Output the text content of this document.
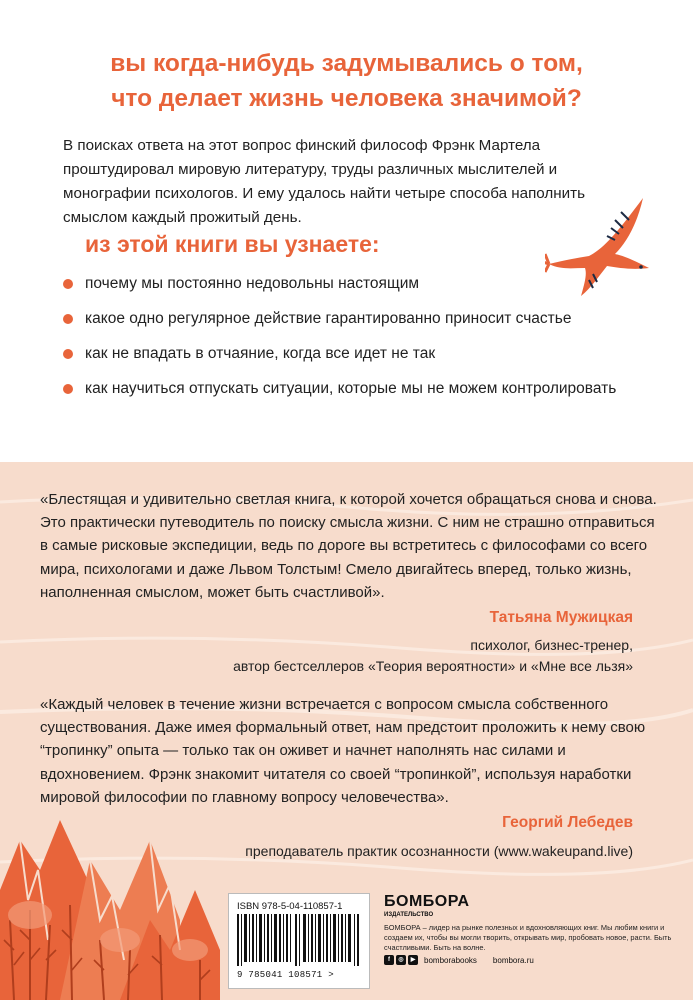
вы когда-нибудь задумывались о том,
что делает жизнь человека значимой?
В поисках ответа на этот вопрос финский философ Фрэнк Мартела проштудировал мировую литературу, труды различных мыслителей и монографии психологов. И ему удалось найти четыре способа наполнить смыслом каждый прожитый день.
из этой книги вы узнаете:
почему мы постоянно недовольны настоящим
какое одно регулярное действие гарантированно приносит счастье
как не впадать в отчаяние, когда все идет не так
как научиться отпускать ситуации, которые мы не можем контролировать
«Блестящая и удивительно светлая книга, к которой хочется обращаться снова и снова. Это практически путеводитель по поиску смысла жизни. С ним не страшно отправиться в самые рисковые экспедиции, ведь по дороге вы встретитесь с философами со всего мира, психологами и даже Львом Толстым! Смело двигайтесь вперед, только жизнь, наполненная смыслом, может быть счастливой».
Татьяна Мужицкая
психолог, бизнес-тренер,
автор бестселлеров «Теория вероятности» и «Мне все льзя»
«Каждый человек в течение жизни встречается с вопросом смысла собственного существования. Даже имея формальный ответ, нам предстоит проложить к нему свою “тропинку” опыта — только так он оживет и начнет наполнять нас силами и вдохновением. Фрэнк знакомит читателя со своей “тропинкой”, используя наработки мировой философии по главному вопросу человечества».
Георгий Лебедев
преподаватель практик осознанности (www.wakeupand.live)
ISBN 978-5-04-110857-1
9 785041 108571 >
БОМБОРА
ИЗДАТЕЛЬСТВО
БОМБОРА – лидер на рынке полезных и вдохновляющих книг. Мы любим книги и создаем их, чтобы вы могли творить, открывать мир, пробовать новое, расти. Быть счастливыми. Быть на волне.
f	◎	▶	bomborabooks bombora.ru
